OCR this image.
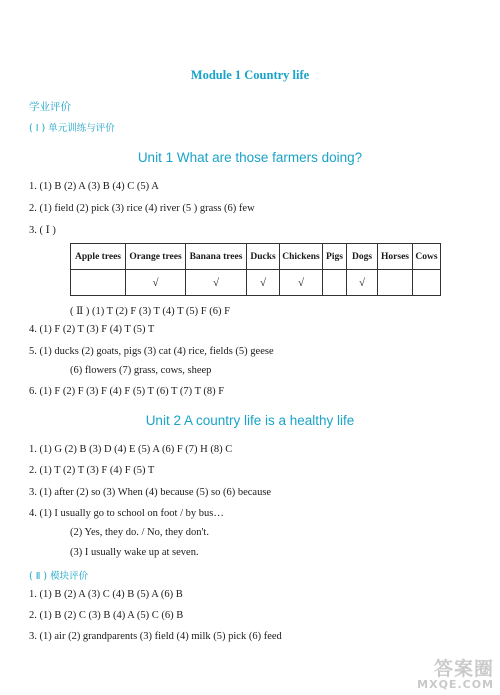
Module 1 Country life
学业评价
( Ⅰ ) 单元训练与评价
Unit 1 What are those farmers doing?
1. (1) B (2) A (3) B (4) C (5) A
2. (1) field (2) pick (3) rice (4) river (5 ) grass (6) few
3. ( Ⅰ )
Apple trees	Orange trees	Banana trees	Ducks	Chickens	Pigs	Dogs	Horses	Cows
	√	√	√	√		√		
( Ⅱ ) (1) T (2) F (3) T (4) T (5) F (6) F
4. (1) F (2) T (3) F (4) T (5) T
5. (1) ducks (2) goats, pigs (3) cat (4) rice, fields (5) geese
(6) flowers (7) grass, cows, sheep
6. (1) F (2) F (3) F (4) F (5) T (6) T (7) T (8) F
Unit 2 A country life is a healthy life
1. (1) G (2) B (3) D (4) E (5) A (6) F (7) H (8) C
2. (1) T (2) T (3) F (4) F (5) T
3. (1) after (2) so (3) When (4) because (5) so (6) because
4. (1) I usually go to school on foot / by bus…
(2) Yes, they do. / No, they don't.
(3) I usually wake up at seven.
( Ⅱ ) 模块评价
1. (1) B (2) A (3) C (4) B (5) A (6) B
2. (1) B (2) C (3) B (4) A (5) C (6) B
3. (1) air (2) grandparents (3) field (4) milk (5) pick (6) feed
答案圈
MXQE.COM
